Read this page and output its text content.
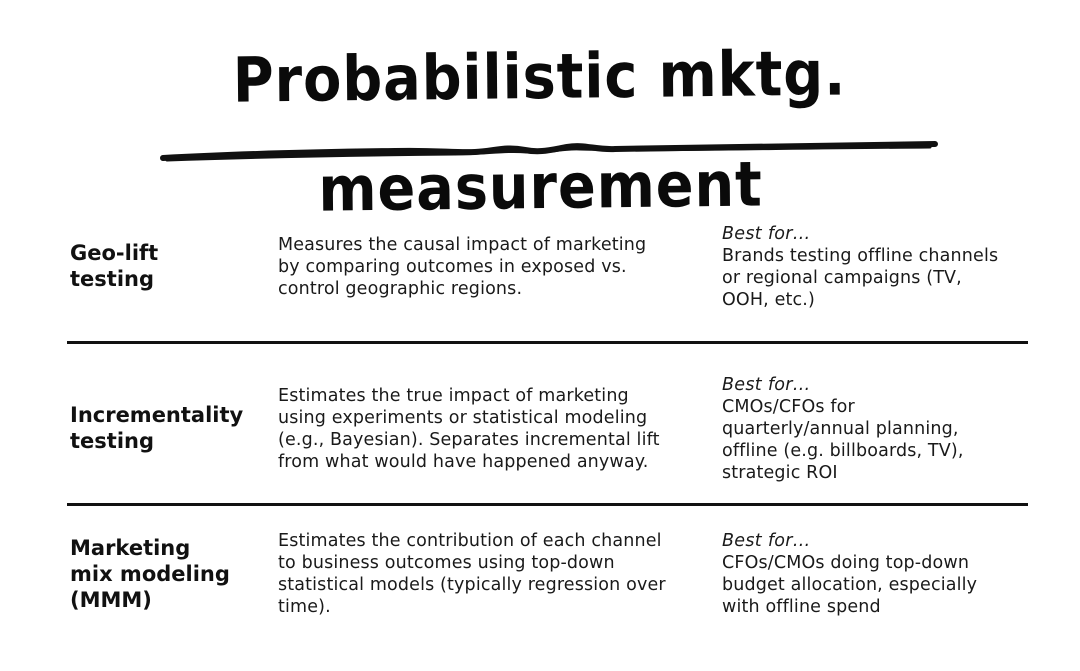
Probabilistic mktg. measurement
Geo-lift
testing
Measures the causal impact of marketing
by comparing outcomes in exposed vs.
control geographic regions.
Best for…
Brands testing offline channels
or regional campaigns (TV,
OOH, etc.)
Incrementality
testing
Estimates the true impact of marketing
using experiments or statistical modeling
(e.g., Bayesian). Separates incremental lift
from what would have happened anyway.
Best for…
CMOs/CFOs for
quarterly/annual planning,
offline (e.g. billboards, TV),
strategic ROI
Marketing
mix modeling
(MMM)
Estimates the contribution of each channel
to business outcomes using top-down
statistical models (typically regression over
time).
Best for…
CFOs/CMOs doing top-down
budget allocation, especially
with offline spend
